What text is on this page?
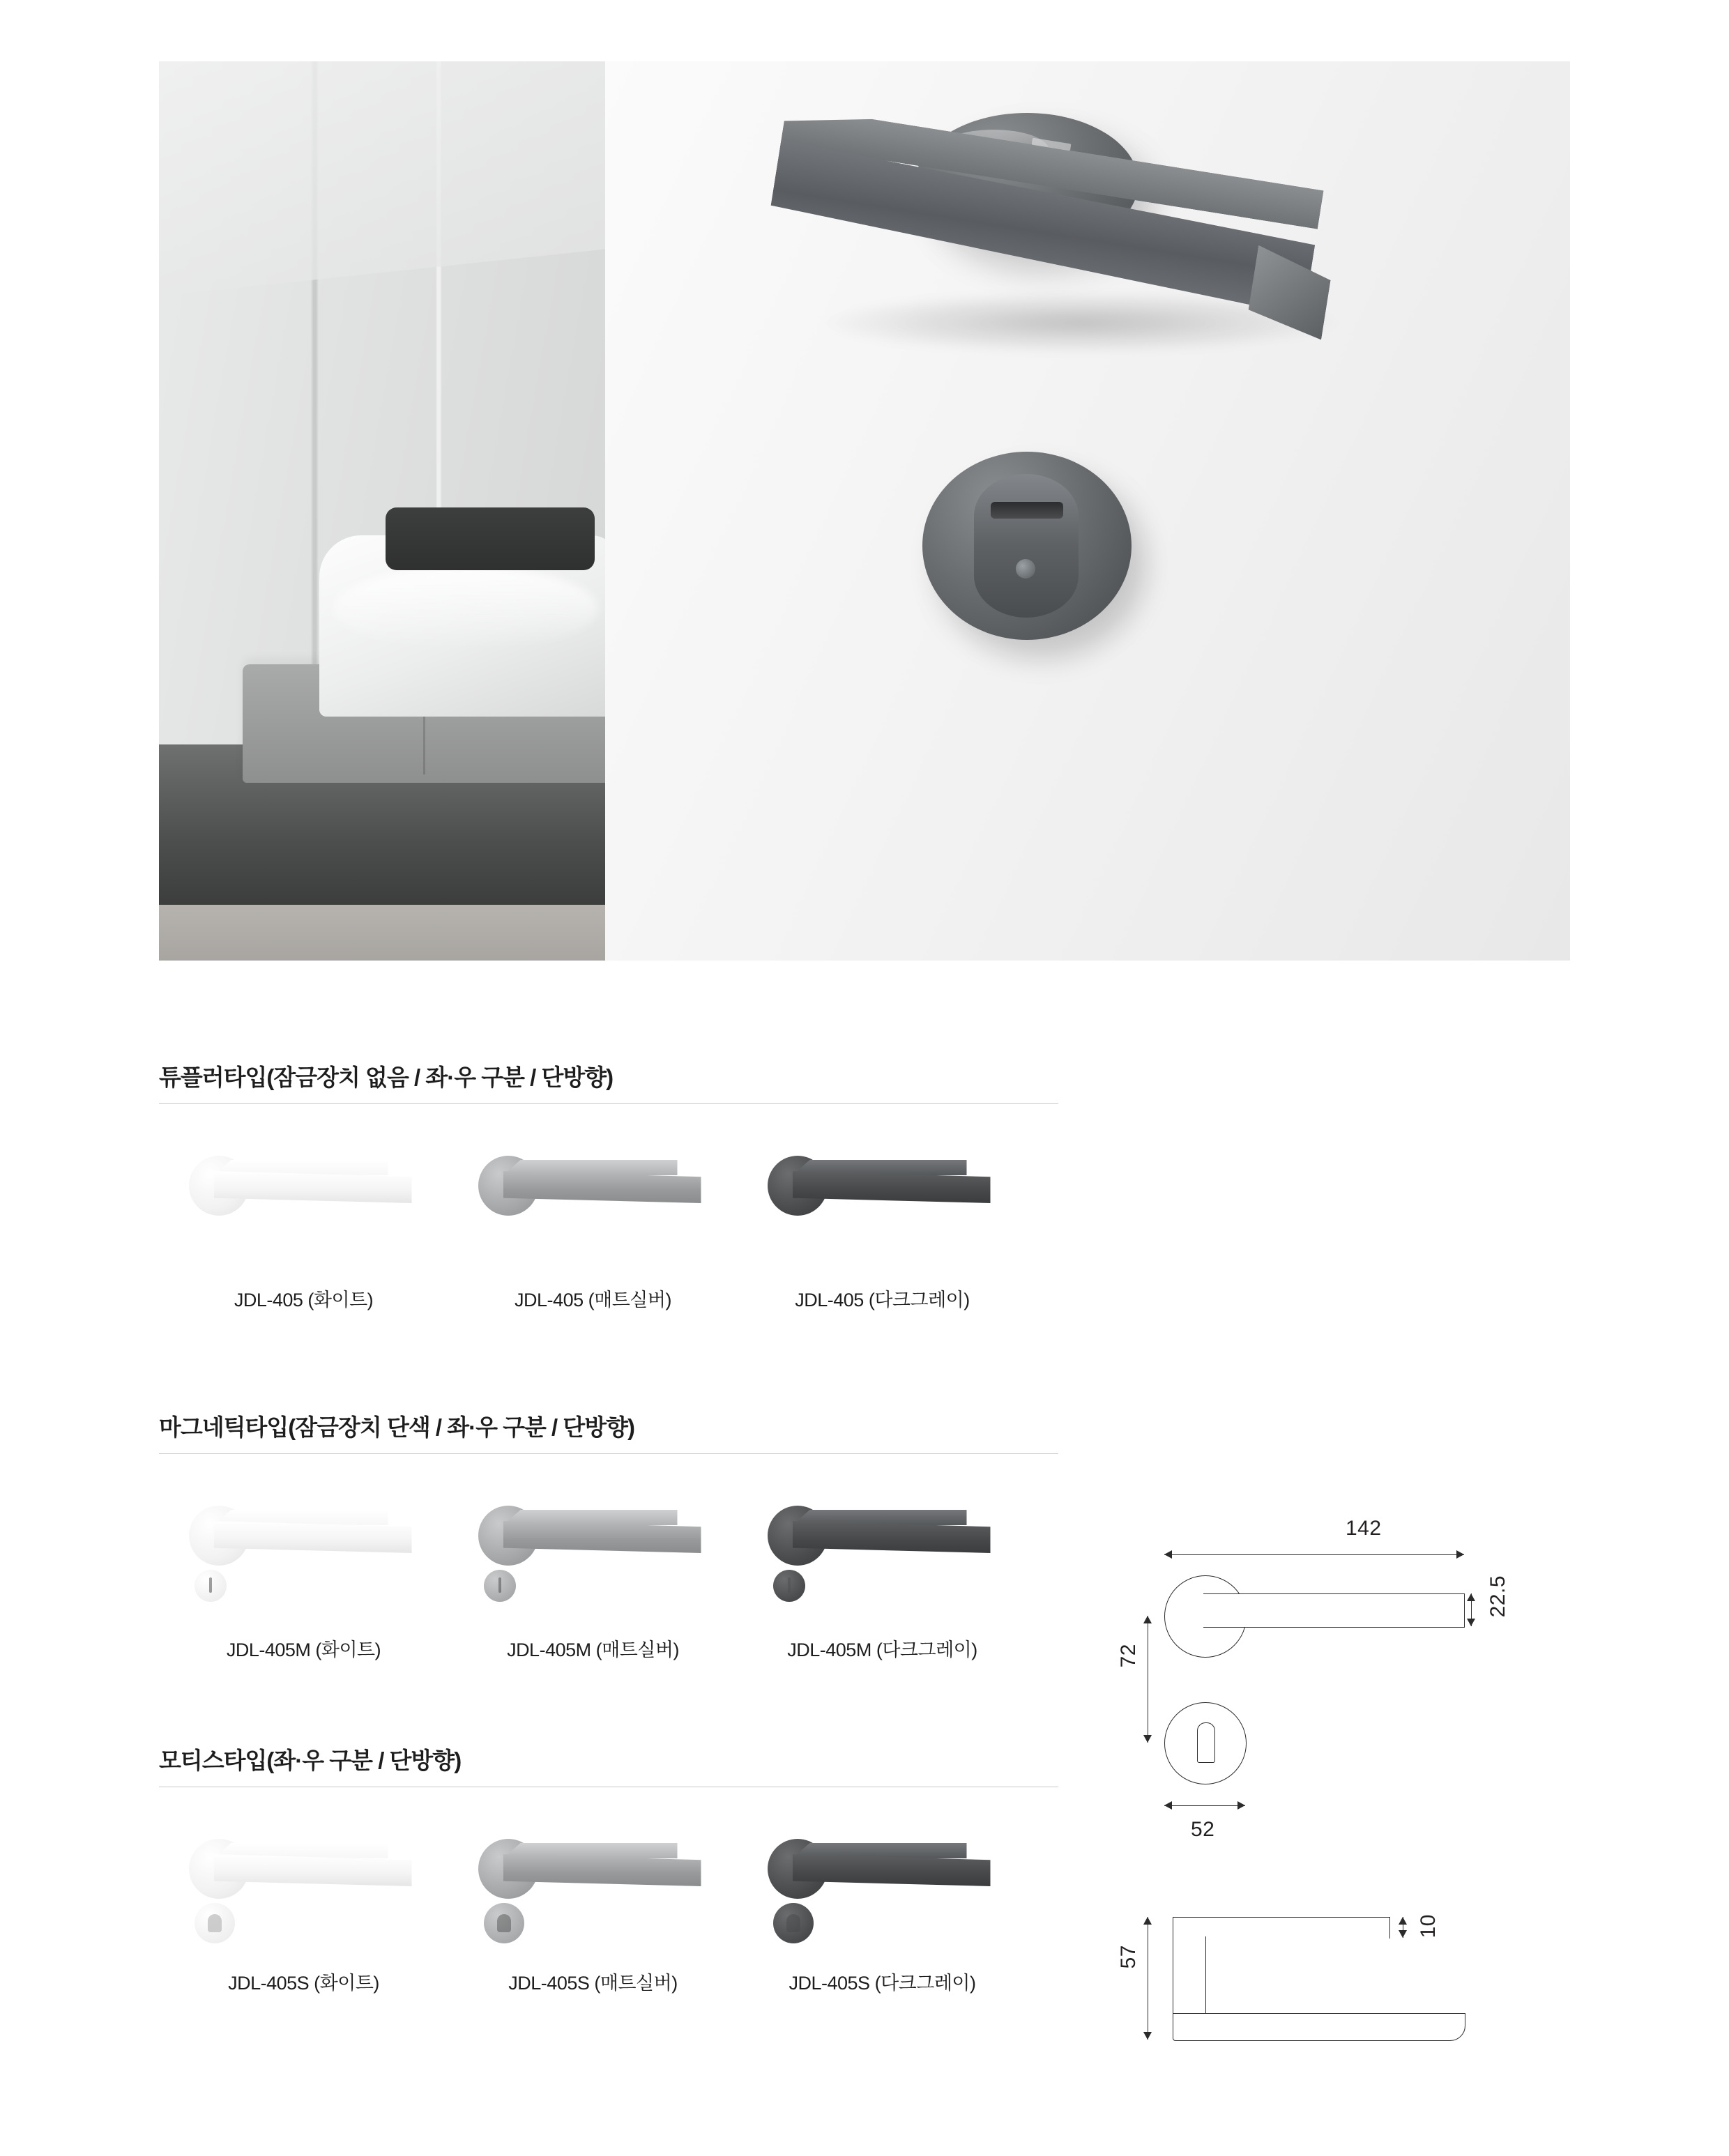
튜플러타입(잠금장치 없음 / 좌·우 구분 / 단방향)
JDL-405 (화이트)	JDL-405 (매트실버)	JDL-405 (다크그레이)
마그네틱타입(잠금장치 단색 / 좌·우 구분 / 단방향)
JDL-405M (화이트)	JDL-405M (매트실버)	JDL-405M (다크그레이)
모티스타입(좌·우 구분 / 단방향)
JDL-405S (화이트)	JDL-405S (매트실버)	JDL-405S (다크그레이)
142
22.5
72
52
10
57
